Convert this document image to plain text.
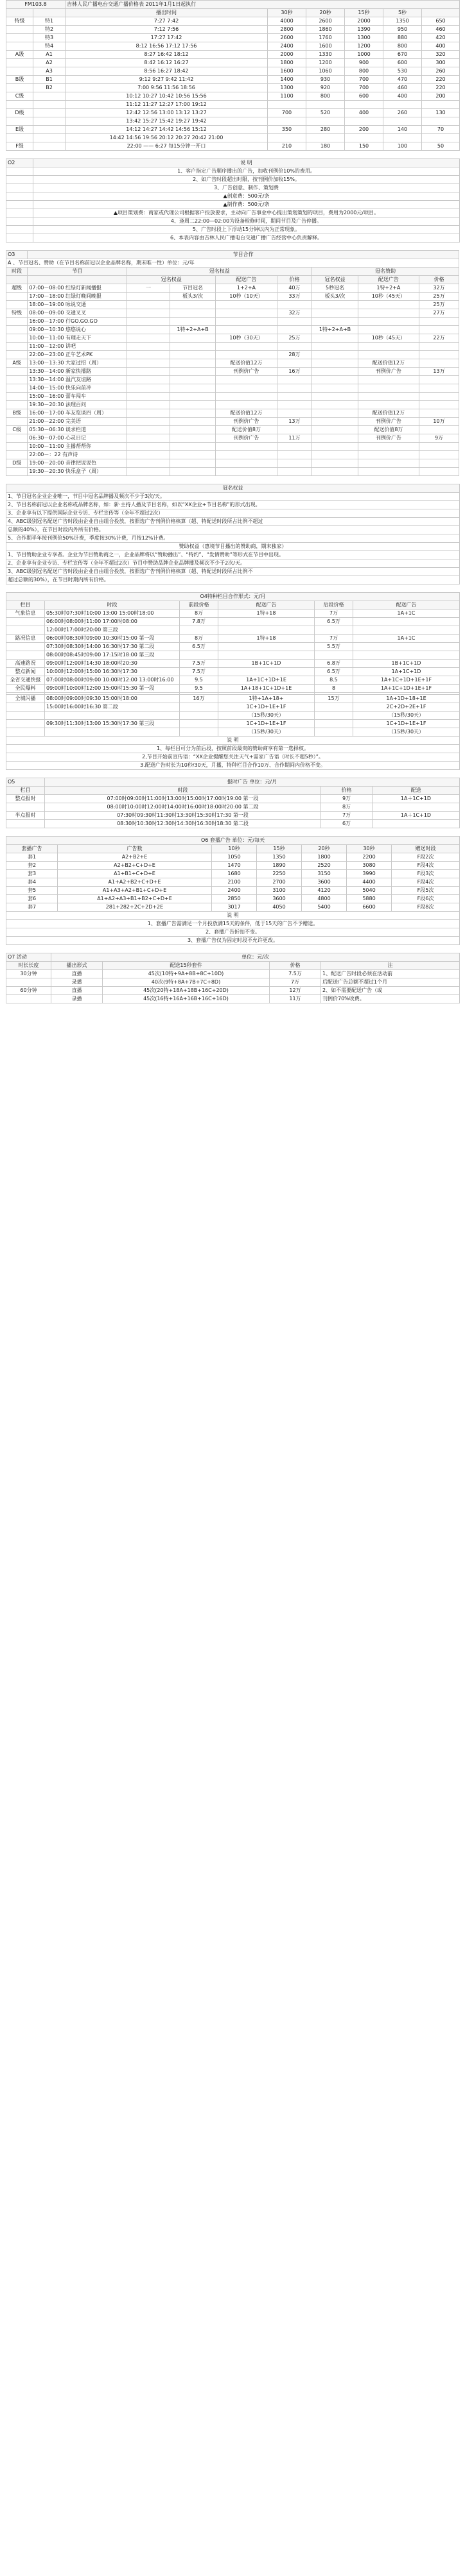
FM103.8		吉林人民广播电台交通广播价格表 2011年1月1日起执行					
		播出时间	30秒	20秒	15秒	5秒	
特级	特1	7:27 7:42	4000	2600	2000	1350	650
	特2	7:12 7:56	2800	1860	1390	950	460
	特3	17:27 17:42	2600	1760	1300	880	420
	特4	8:12 16:56 17:12 17:56	2400	1600	1200	800	400
A级	A1	8:27 16:42 18:12	2000	1330	1000	670	320
	A2	8:42 16:12 16:27	1800	1200	900	600	300
	A3	8:56 16:27 18:42	1600	1060	800	530	260
B级	B1	9:12 9:27 9:42 11:42	1400	930	700	470	220
	B2	7:00 9:56 11:56 18:56	1300	920	700	460	220
C级		10:12 10:27 10:42 10:56 15:56	1100	800	600	400	200
		11:12 11:27 12:27 17:00 19:12					
D级		12:42 12:56 13:00 13:12 13:27	700	520	400	260	130
		13:42 15:27 15:42 19:27 19:42					
E级		14:12 14:27 14:42 14:56 15:12	350	280	200	140	70
		14:42 14:56 19:56 20:12 20:27 20:42 21:00					
F级		22:00 —— 6:27 每15分钟一开口	210	180	150	100	50
O2	说 明
	1、客户指定广告顺序播出的广告，加收刊例价10%的费用。
	2、如广告时段超出时限，按刊例价加收15%。
	3、广告创意、制作、策划费
	▲创意费：500元/条
	▲制作费：500元/条
	▲项目策划费：商家或代理公司根据客户投放要求，主动向广告事业中心提出策划策划的项目，费用为2000元/项目。
	4、逢周二22:00—02:00为设备检修时间，期间节目及广告停播。
	5、广告时段上下浮动15分钟以内为正常现象。
	6、本表内容由吉林人民广播电台交通广播广告经营中心负责解释。
O3	节目合作							
A 、节目冠名、赞助（在节目名称前冠以企业品牌名称，期末唯一性）单位：元/年								
时段	节目	冠名权益				冠名赞助		
		冠名权益		配送广告	价格	冠名权益	配送广告	价格
超级	07:00－08:00 红绿灯新闻播报	一	节目冠名	1+2+A	40万	5秒冠名	1特+2+A	32万
	17:00－18:00 红绿灯晚间晚报		板头3/次	10秒（10天）	33万	板头3/次	10秒（45天）	25万
	18:00－19:00 咏说交通							25万
特级	08:00－09:00 交通叉叉				32万			27万
	16:00－17:00 行GO.GO.GO							
	09:00－10:30 悠悠说心		1特+2+A+B			1特+2+A+B		
	10:00－11:00 有理走天下			10秒（30天）	25万		10秒（45天）	22万
	11:00－12:00 讲吧							
	22:00－23:00 正午艺术PK				28万			
A级	13:00－13:30 大家过招（周）			配送价值12万			配送价值12万	
	13:30－14:00 新家快播路			刊例价广告	16万		刊例价广告	13万
	13:30－14:00 温汽友谊路							
	14:00－15:00 快乐向前冲							
	15:00－16:00 蕾车闯车							
	19:30－20:30 法理百问							
B级	16:00－17:00 车友览谈四（周）			配送价值12万			配送价值12万	
	21:00－22:00 完美语			刊例价广告	13万		刊例价广告	10万
C级	05:30－06:30 谈求栏道			配送价值8万			配送价值8万	
	06:30－07:00 心灵日记			刊例价广告	11万		刊例价广告	9万
	10:00－11:00 主播帮帮你							
	22:00－：22 有声诗							
D级	19:00－20:00 音律把说说色							
	19:30－20:30 快乐盒子（周）							
冠名权益
1、节目冠名企业企业唯一，节目中冠名品牌播及频次不少于3次/天。
2、节目名称前冠以企业名称或品牌名称，如：新·主持人播及节目名称，如以“XX企业+节目名称”的形式出现。
3、企业享有以下提供国际企业专访、专栏宣传等（全年不超过2次）
4、ABC级别冠名配送广告时段由企业自由组合投放，按照选广告刊例价格核算（超、特配送时段所占比例不超过
总额的40%），在节目时段内外所有价格。
5、合作期半年按刊例价50%计费，季度按30%计费，月按12%计费。
赞助权益（惠境节目播出的赞助商，期末独家）
1、节目赞助企业专享者。企业为节目赞助商之一，企业品牌将以“赞助播出”、“特约”、“发情赞助”等形式在节目中出现。
2、企业享有企业专访、专栏宣传等（全年不超过2次）节目中赞助品牌企业品牌播及频次不少于2次/天。
3、ABC级别冠名配送广告时段由企业自由组合投放，按照选广告刊例价格核算（超、特配送时段所占比例不
超过总额的30%），在节目时期内所有价格。
O4特种栏目合作形式：元/月					
栏目	时段	前段价格	配送广告	后段价格	配送广告
气象信息	05:30时07:30时10:00 13:00 15:00时18:00	8万	1特+18	7万	1A+1C
	06:00时08:00时11:00 17:00时08:00	7.8万		6.5万	
	12:00时17:00时20:00 第三段				
路况信息	06:00时08:30时09:00 10:30时15:00 第一段	8万	1特+18	7万	1A+1C
	07:30时08:30时14:00 16:30时17:30 第二段	6.5万		5.5万	
	08:00时08:45时09:00 17:15时18:00 第三段				
高速路况	09:00时12:00时14:30 18:00时20:30	7.5万	1B+1C+1D	6.8万	1B+1C+1D
整点新闻	10:00时12:00时15:00 16:30时17:30	7.5万		6.5万	1A+1C+1D
全省交通快报	07:00时08:00时09:00 10:00时12:00 13:00时16:00	9.5	1A+1C+1D+1E	8.5	1A+1C+1D+1E+1F
全民爆料	09:00时10:00时12:00 15:00时15:30 第一段	9.5	1A+18+1C+1D+1E	8	1A+1C+1D+1E+1F

全城闪播	08:00时09:00时09:30 15:00时18:00	16万	1特+1A+18+	15万	1A+1D+18+1E
	15:00时16:00时16:30 第二段		1C+1D+1E+1F		2C+2D+2E+1F
			（15秒/30天）		（15秒/30天）
	09:30时11:30时13:00 15:30时17:30 第三段		1C+1D+1E+1F		1C+1D+1E+1F
			（15秒/30天）		（15秒/30天）
说 明					
1、每栏目可分为前后段，按照前段最贵的赞助商享有第一选择权。					
2,节目开始前宣传语：“XX企业提醒您关注天气+需家广告语（时长不超5秒）”。					
3.配送广告时长为10秒/30天，月播，特种栏目合作10万、合作期间内价格不变。					
O5	报时广告 单位：元/月		
栏目	时段	价格	配送
整点报时	07:00时09:00时11:00时13:00时15:00时17:00时19:00 第一段	9万	1A＋1C+1D
	08:00时10:00时12:00时14:00时16:00时18:00时20:00 第二段	8万	
半点报时	07:30时09:30时11:30时13:30时15:30时17:30 第一段	7万	1A＋1C+1D
	08:30时10:30时12:30时14:30时16:30时18:30 第二段	6万	
O6 套播广告 单位：元/每天						
套播广告	广告数	10秒	15秒	20秒	30秒	赠送时段
套1	A2+B2+E	1050	1350	1800	2200	F段2次
套2	A2+B2+C+D+E	1470	1890	2520	3080	F段4次
套3	A1+B1+C+D+E	1680	2250	3150	3990	F段3次
套4	A1+A2+B2+C+D+E	2100	2700	3600	4400	F段4次
套5	A1+A3+A2+B1+C+D+E	2400	3100	4120	5040	F段5次
套6	A1+A2+A3+B1+B2+C+D+E	2850	3600	4800	5880	F段6次
套7	281+282+2C+2D+2E	3017	4050	5400	6600	F段8次
说 明						
1、套播广告需满足一个月投放满15天的条件，低于15天的广告不予赠送。						
2、套播广告折扣不变。						
3、套播广告仅为固定时段不允许更改。						
O7 活动	单位：元/次			
时长长度	播出形式	配送15秒套件	价格	注
30分钟	直播	45次(10特+9A+8B+8C+10D)	7.5万	1、配送广告时段必须在活动前
	录播	40次(9特+8A+7B+7C+8D)	7万	后配送广告总额不超过1个月
60分钟	直播	45次(20特+18A+18B+16C+20D)	12万	2、如不需要配送广告（或
	录播	45次(16特+16A+16B+16C+16D)	11万	刊例价70%收费。
